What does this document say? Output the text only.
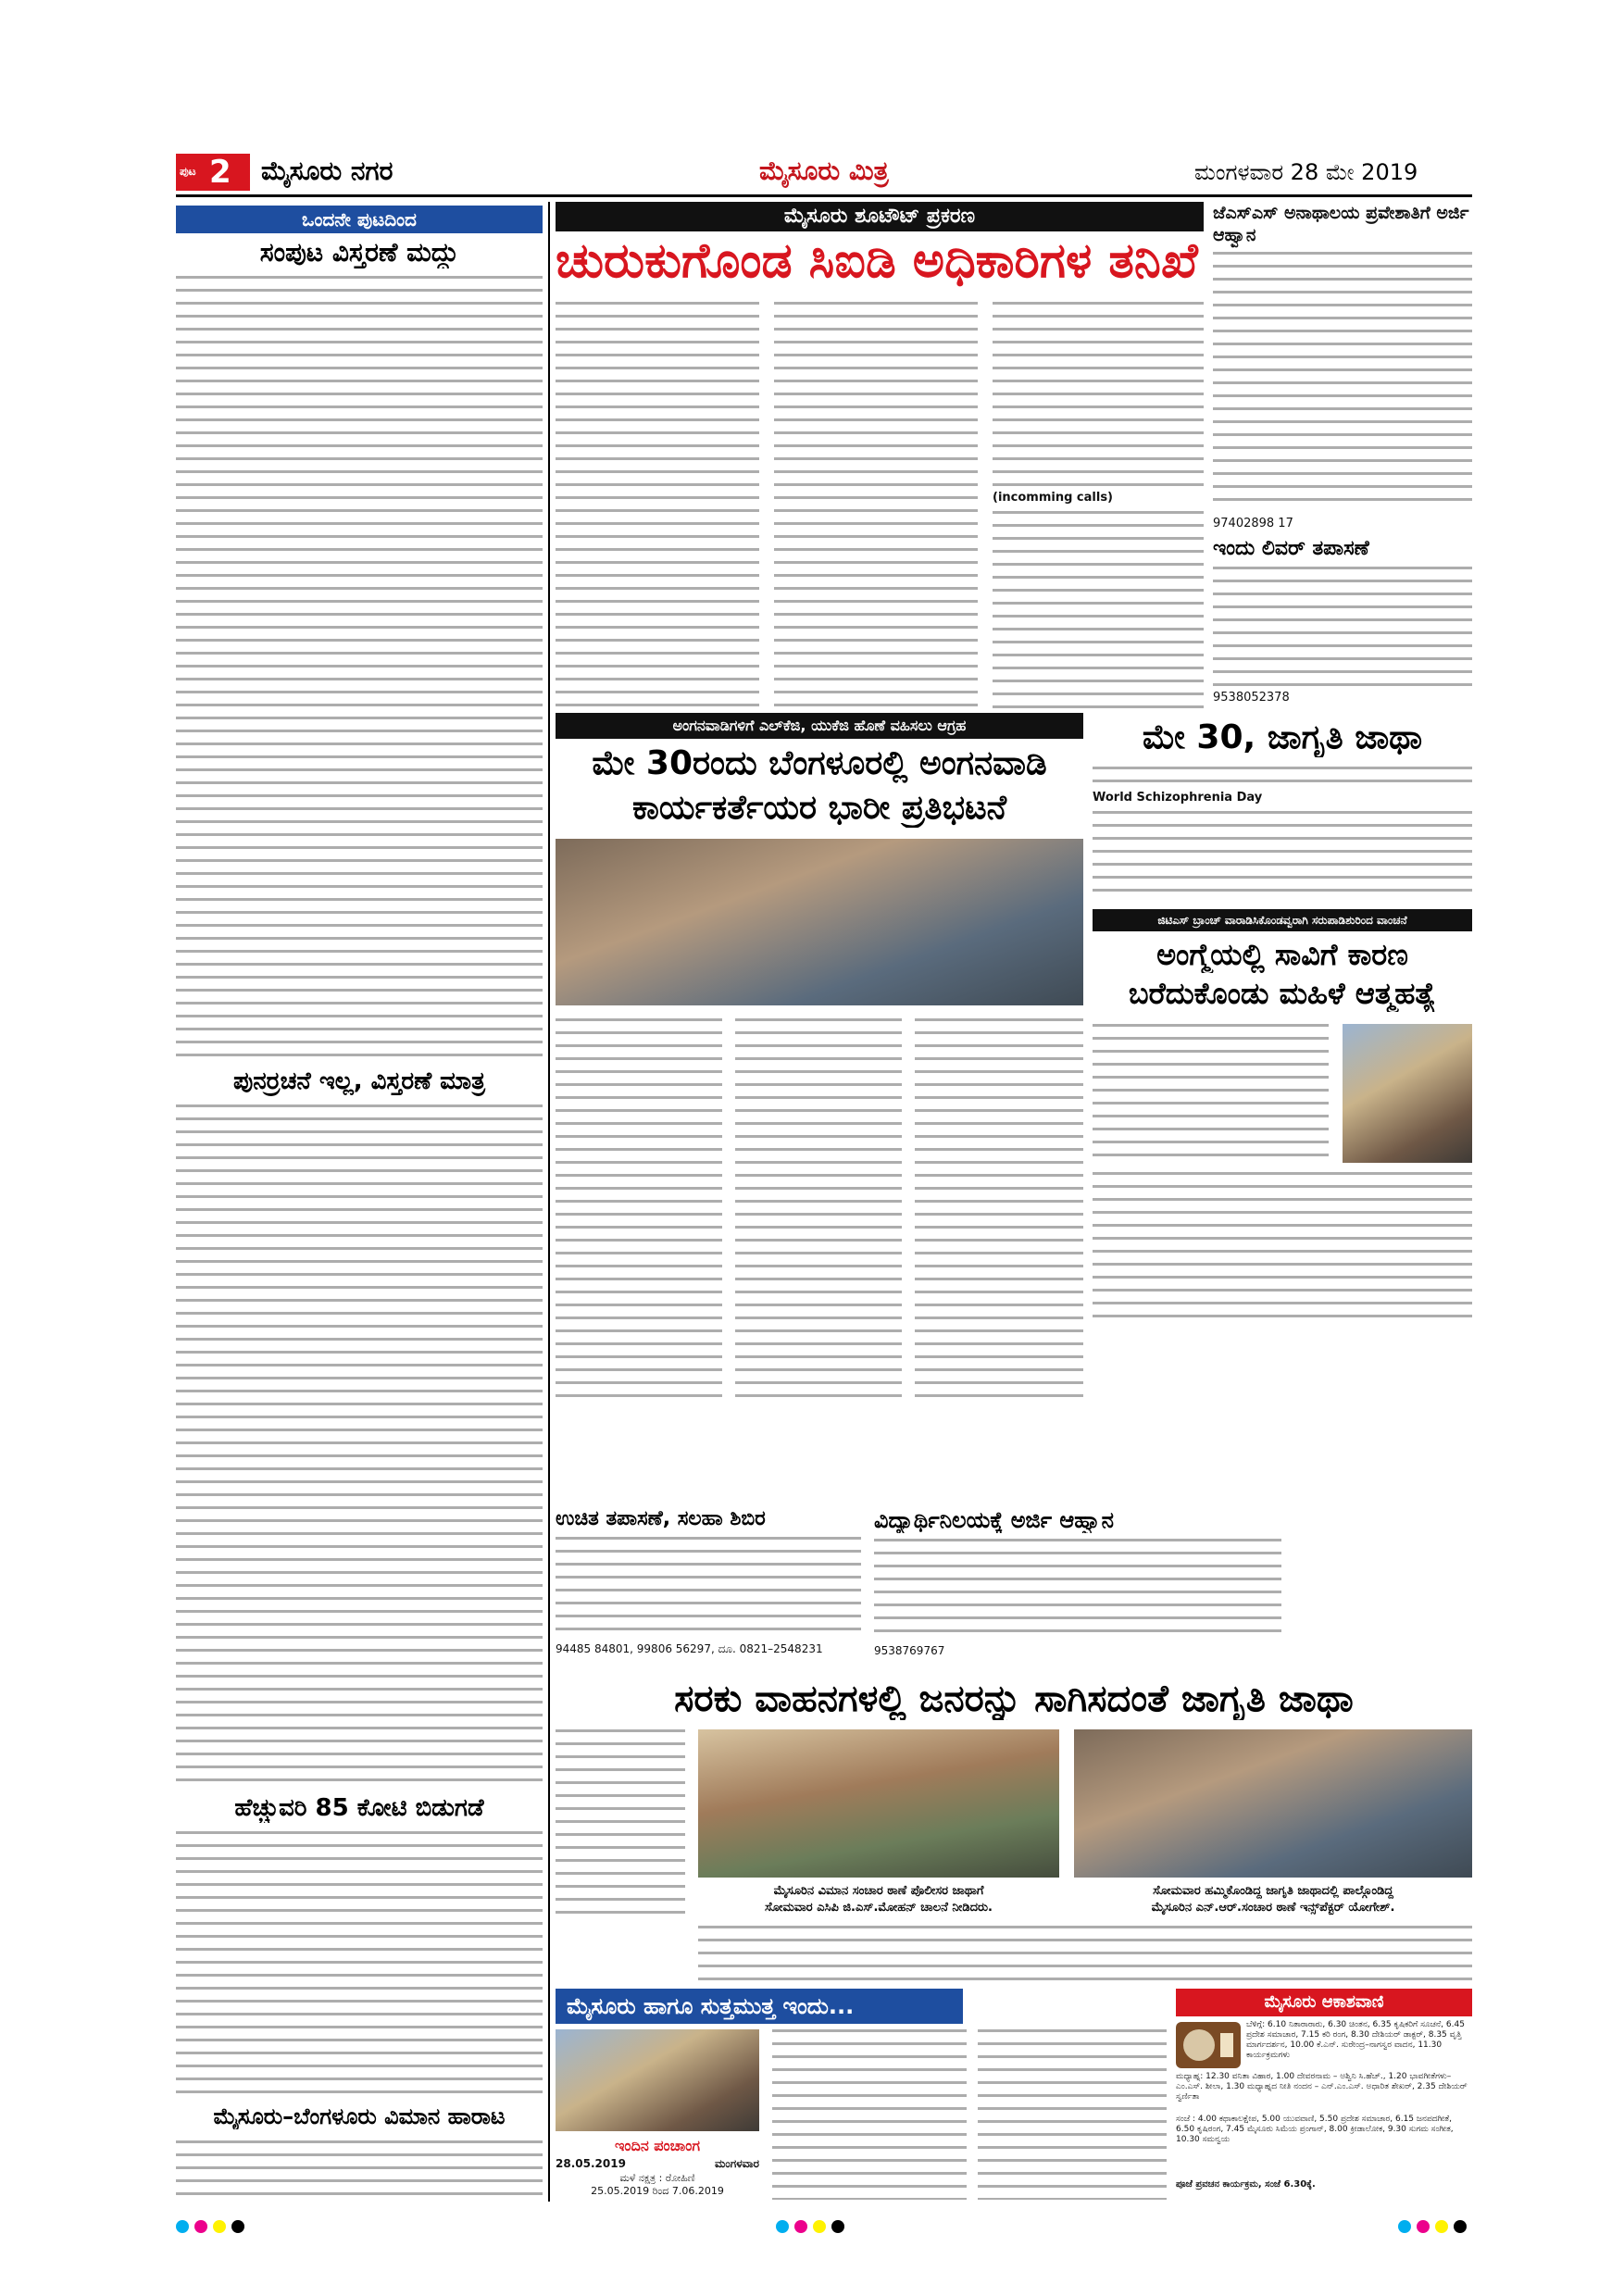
ಪುಟ 2 ಮೈಸೂರು ನಗರ	ಮೈಸೂರು ಮಿತ್ರ	ಮಂಗಳವಾರ 28 ಮೇ 2019
ಒಂದನೇ ಪುಟದಿಂದ
ಸಂಪುಟ ವಿಸ್ತರಣೆ ಮದ್ದು
ಪುನರ್ರಚನೆ ಇಲ್ಲ, ವಿಸ್ತರಣೆ ಮಾತ್ರ
ಹೆಚ್ಚುವರಿ 85 ಕೋಟಿ ಬಿಡುಗಡೆ
ಮೈಸೂರು–ಬೆಂಗಳೂರು ವಿಮಾನ ಹಾರಾಟ
ಮೈಸೂರು ಶೂಟೌಟ್ ಪ್ರಕರಣ
ಚುರುಕುಗೊಂಡ ಸಿಐಡಿ ಅಧಿಕಾರಿಗಳ ತನಿಖೆ
(incomming calls)
ಜೆಎಸ್ಎಸ್ ಅನಾಥಾಲಯ ಪ್ರವೇಶಾತಿಗೆ ಅರ್ಜಿ ಆಹ್ವಾನ
97402898 17
ಇಂದು ಲಿವರ್ ತಪಾಸಣೆ
9538052378
ಅಂಗನವಾಡಿಗಳಿಗೆ ಎಲ್‌ಕೆಜಿ, ಯುಕೆಜಿ ಹೊಣೆ ವಹಿಸಲು ಆಗ್ರಹ
ಮೇ 30ರಂದು ಬೆಂಗಳೂರಲ್ಲಿ ಅಂಗನವಾಡಿ
ಕಾರ್ಯಕರ್ತೆಯರ ಭಾರೀ ಪ್ರತಿಭಟನೆ
ಮೇ 30, ಜಾಗೃತಿ ಜಾಥಾ
World Schizophrenia Day
ಜಿಟಿಎಸ್ ಬ್ರಾಂಚ್ ವಾರಾಡಿಸಿಕೊಂಡವ್ವರಾಗಿ ಸರುಪಾಡಿಶುರಿಂದ ವಾಂಚನೆ
ಅಂಗ್ಮೆಯಲ್ಲಿ ಸಾವಿಗೆ ಕಾರಣ
ಬರೆದುಕೊಂಡು ಮಹಿಳೆ ಆತ್ಮಹತ್ಯೆ
ಉಚಿತ ತಪಾಸಣೆ, ಸಲಹಾ ಶಿಬಿರ
94485 84801, 99806 56297, ದೂ. 0821–2548231
ವಿದ್ಯಾರ್ಥಿನಿಲಯಕ್ಕೆ ಅರ್ಜಿ ಆಹ್ವಾನ
9538769767
ಸರಕು ವಾಹನಗಳಲ್ಲಿ ಜನರನ್ನು ಸಾಗಿಸದಂತೆ ಜಾಗೃತಿ ಜಾಥಾ
ಮೈಸೂರಿನ ವಿಮಾನ ಸಂಚಾರ ಠಾಣೆ ಪೊಲೀಸರ ಜಾಥಾಗೆ
ಸೋಮವಾರ ಎಸಿಪಿ ಜಿ.ಎಸ್.ಮೋಹನ್ ಚಾಲನೆ ನೀಡಿದರು.
ಸೋಮವಾರ ಹಮ್ಮಿಕೊಂಡಿದ್ದ ಜಾಗೃತಿ ಜಾಥಾದಲ್ಲಿ ಪಾಲ್ಗೊಂಡಿದ್ದ
ಮೈಸೂರಿನ ಎನ್.ಆರ್.ಸಂಚಾರ ಠಾಣೆ ಇನ್ಸ್‌ಪೆಕ್ಟರ್ ಯೋಗೇಶ್.
ಮೈಸೂರು ಹಾಗೂ ಸುತ್ತಮುತ್ತ ಇಂದು...
ಇಂದಿನ ಪಂಚಾಂಗ
28.05.2019	ಮಂಗಳವಾರ
ಮಳೆ ನಕ್ಷತ್ರ : ರೋಹಿಣಿ
25.05.2019 ರಿಂದ 7.06.2019
ಮೈಸೂರು ಆಕಾಶವಾಣಿ
ಬೆಳಿಗ್ಗೆ: 6.10 ನಿತಾರಾರಾರು, 6.30 ಚಿಂತನ, 6.35 ಕೃಷಿಕರಿಗೆ ಸೂಚನೆ, 6.45 ಪ್ರದೇಶ ಸಮಾಚಾರ, 7.15 ಕರಿ ರಂಗ, 8.30 ದೇಶಿಯರ್ ಡಾಕ್ಟರ್, 8.35 ವೃತ್ತಿ ಮಾರ್ಗದರ್ಶನ, 10.00 ಕೆ.ಎನ್. ಸುರೇಂದ್ರ–ನಾಗಸ್ವರ ವಾದನ, 11.30 ಕಾರ್ಯಕ್ರಮಗಳು
ಮಧ್ಯಾಹ್ನ: 12.30 ವನಿತಾ ವಿಹಾರ, 1.00 ದೇವರನಾಮ – ಅಶ್ವಿನಿ ಸಿ.ಹೆಚ್., 1.20 ಭಾವಗೀತೆಗಳು–ಎಂ.ಎಸ್. ಶೀಲಾ, 1.30 ಮಧ್ಯಾಹ್ನದ ನೀತಿ ನಂದನ – ಎನ್.ಎಂ.ಎಸ್. ಅಧಾರಿತ ಶೇಖರ್, 2.35 ದೇಶಿಯರ್ ಸ್ವರ್ಣಿತಾ
ಸಂಜೆ : 4.00 ಕಥಾಕಾಲಕ್ಷೇಪ, 5.00 ಯುವವಾಣಿ, 5.50 ಪ್ರದೇಶ ಸಮಾಚಾರ, 6.15 ಜನಪದಗೀತೆ, 6.50 ಕೃಷಿರಂಗ, 7.45 ಮೈಸೂರು ಸಿಮೆಯ ಪ್ರಂಗಾನ್, 8.00 ಕ್ರೀಡಾಲೋಕ, 9.30 ಸುಗಮ ಸಂಗೀತ, 10.30 ಸಮನ್ವಯ
ಪೂಜೆ ಪ್ರವಚನ ಕಾರ್ಯಕ್ರಮ, ಸಂಜೆ 6.30ಕ್ಕೆ.
